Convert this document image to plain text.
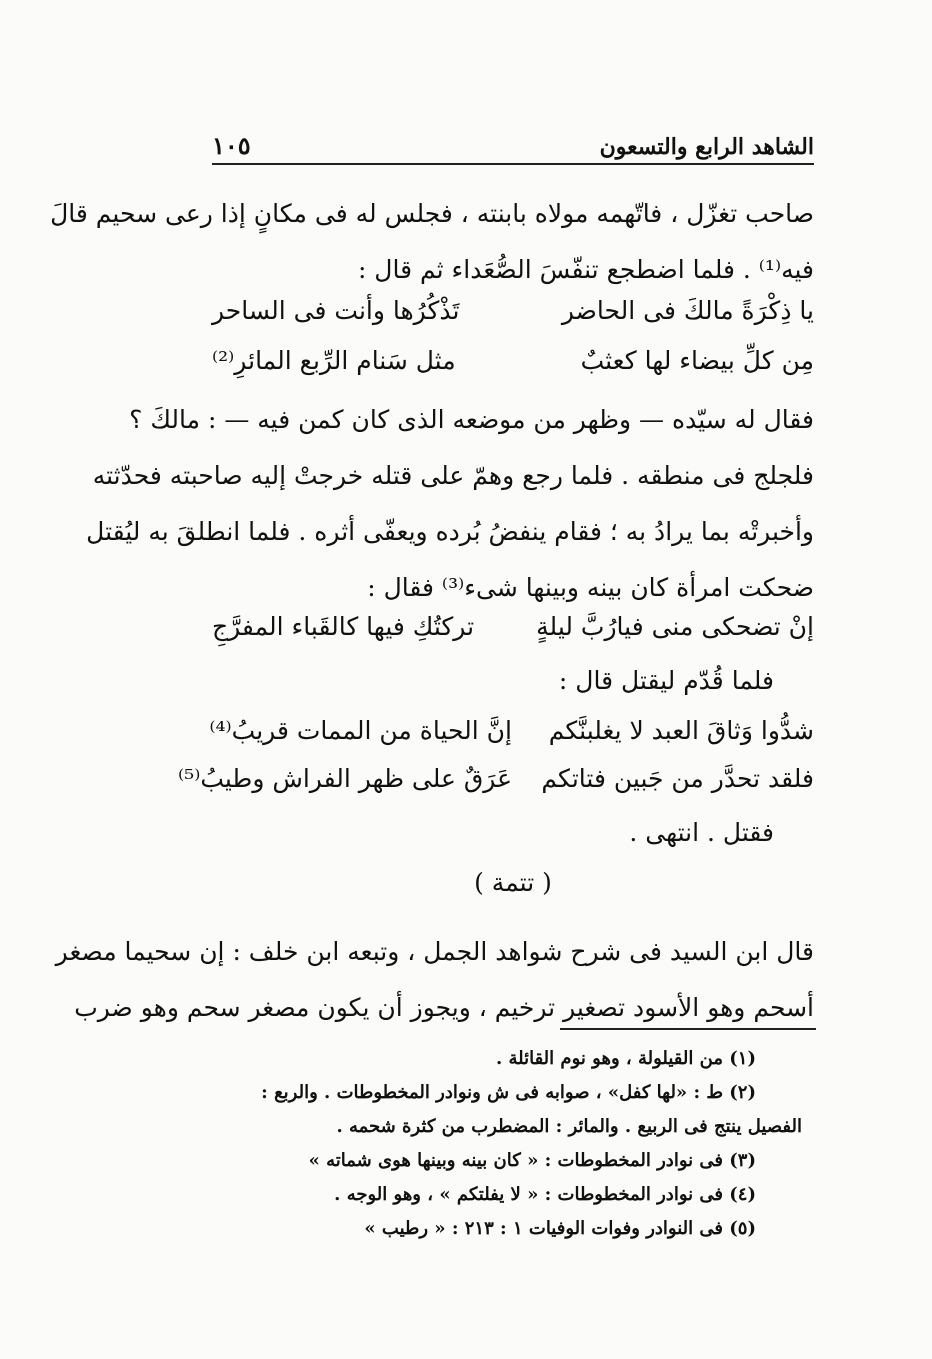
الشاهد الرابع والتسعون
١٠٥
صاحب تغزّل ، فاتّهمه مولاه بابنته ، فجلس له فى مكانٍ إذا رعى سحيم قالَ
فيه⁽¹⁾ . فلما اضطجع تنفّسَ الصُّعَداء ثم قال :
يا ذِكْرَةً مالكَ فى الحاضر
تَذْكُرُها وأنت فى الساحر
مِن كلِّ بيضاء لها كعثبٌ
مثل سَنام الرِّبع المائرِ⁽²⁾
فقال له سيّده — وظهر من موضعه الذى كان كمن فيه — : مالكَ ؟
فلجلج فى منطقه . فلما رجع وهمّ على قتله خرجتْ إليه صاحبته فحدّثته
وأخبرتْه بما يرادُ به ؛ فقام ينفضُ بُرده ويعفّى أثره . فلما انطلقَ به ليُقتل
ضحكت امرأة كان بينه وبينها شىء⁽³⁾ فقال :
إنْ تضحكى منى فيارُبَّ ليلةٍ
تركتُكِ فيها كالقَباء المفرَّجِ
فلما قُدّم ليقتل قال :
شدُّوا وَثاقَ العبد لا يغلبنَّكم
إنَّ الحياة من الممات قريبُ⁽⁴⁾
فلقد تحدَّر من جَبين فتاتكم
عَرَقٌ على ظهر الفراش وطيبُ⁽⁵⁾
فقتل . انتهى .
( تتمة )
قال ابن السيد فى شرح شواهد الجمل ، وتبعه ابن خلف : إن سحيما مصغر
أسحم وهو الأسود تصغير ترخيم ، ويجوز أن يكون مصغر سحم وهو ضرب
(١) من القيلولة ، وهو نوم القائلة .
(٢) ط : «لها كفل» ، صوابه فى ش ونوادر المخطوطات . والربع :
الفصيل ينتج فى الربيع . والمائر : المضطرب من كثرة شحمه .
(٣) فى نوادر المخطوطات : « كان بينه وبينها هوى شماته »
(٤) فى نوادر المخطوطات : « لا يفلتكم » ، وهو الوجه .
(٥) فى النوادر وفوات الوفيات ١ : ٢١٣ : « رطيب »
